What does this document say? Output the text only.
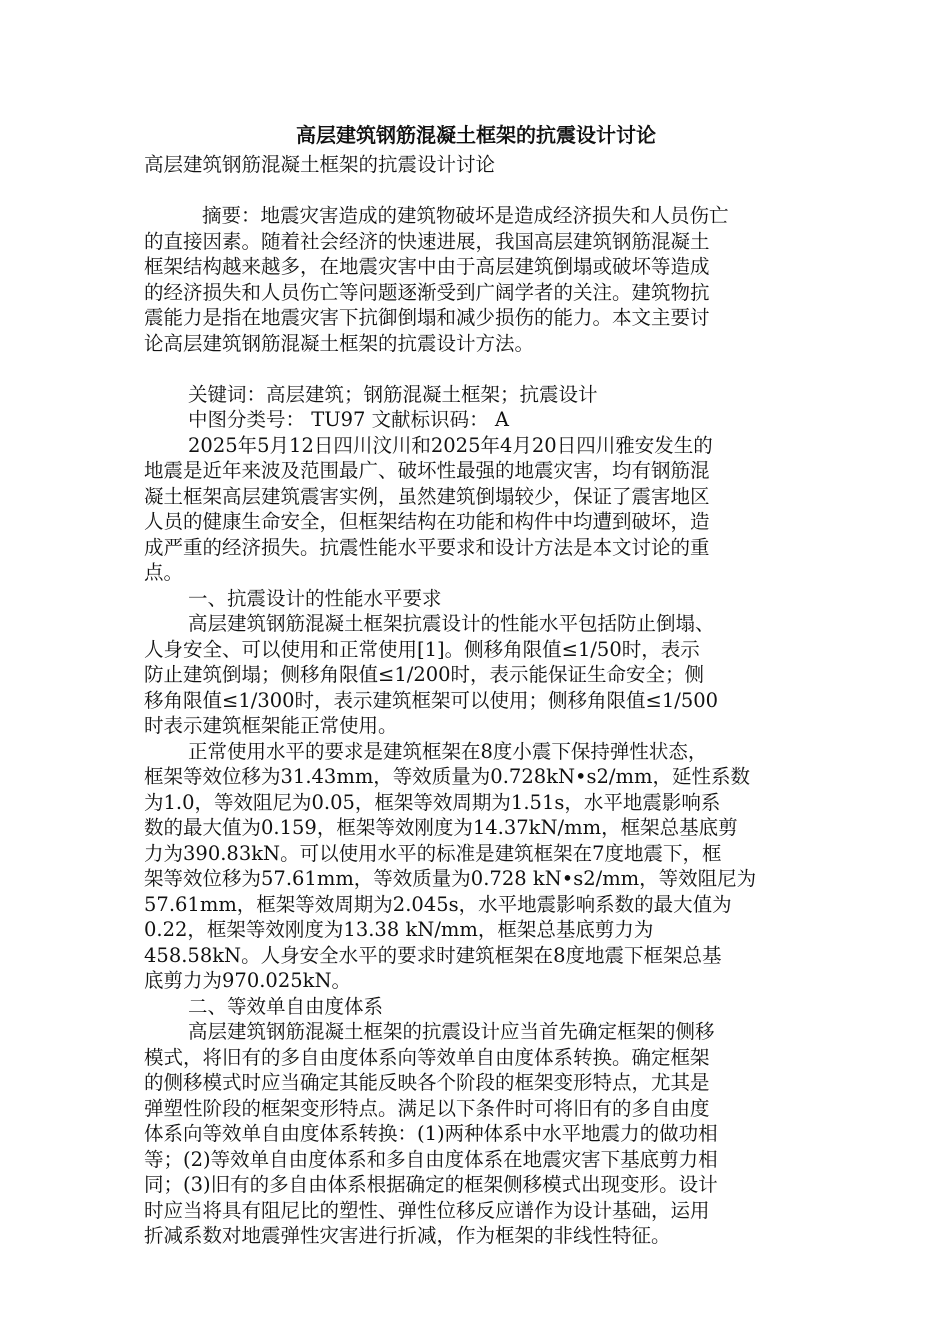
高层建筑钢筋混凝土框架的抗震设计讨论

高层建筑钢筋混凝土框架的抗震设计讨论

摘要：地震灾害造成的建筑物破坏是造成经济损失和人员伤亡

的直接因素。随着社会经济的快速进展，我国高层建筑钢筋混凝土

框架结构越来越多，在地震灾害中由于高层建筑倒塌或破坏等造成

的经济损失和人员伤亡等问题逐渐受到广阔学者的关注。建筑物抗

震能力是指在地震灾害下抗御倒塌和减少损伤的能力。本文主要讨

论高层建筑钢筋混凝土框架的抗震设计方法。

关键词：高层建筑；钢筋混凝土框架；抗震设计

中图分类号： TU97 文献标识码： A

2025年5月12日四川汶川和2025年4月20日四川雅安发生的

地震是近年来波及范围最广、破坏性最强的地震灾害，均有钢筋混

凝土框架高层建筑震害实例，虽然建筑倒塌较少，保证了震害地区

人员的健康生命安全，但框架结构在功能和构件中均遭到破坏，造

成严重的经济损失。抗震性能水平要求和设计方法是本文讨论的重

点。

一、抗震设计的性能水平要求

高层建筑钢筋混凝土框架抗震设计的性能水平包括防止倒塌、

人身安全、可以使用和正常使用[1]。侧移角限值≤1/50时，表示

防止建筑倒塌；侧移角限值≤1/200时，表示能保证生命安全；侧

移角限值≤1/300时，表示建筑框架可以使用；侧移角限值≤1/500

时表示建筑框架能正常使用。

正常使用水平的要求是建筑框架在8度小震下保持弹性状态，

框架等效位移为31.43mm，等效质量为0.728kN•s2/mm，延性系数

为1.0，等效阻尼为0.05，框架等效周期为1.51s，水平地震影响系

数的最大值为0.159，框架等效刚度为14.37kN/mm，框架总基底剪

力为390.83kN。可以使用水平的标准是建筑框架在7度地震下，框

架等效位移为57.61mm，等效质量为0.728 kN•s2/mm，等效阻尼为

57.61mm，框架等效周期为2.045s，水平地震影响系数的最大值为

0.22，框架等效刚度为13.38 kN/mm，框架总基底剪力为

458.58kN。人身安全水平的要求时建筑框架在8度地震下框架总基

底剪力为970.025kN。

二、等效单自由度体系

高层建筑钢筋混凝土框架的抗震设计应当首先确定框架的侧移

模式，将旧有的多自由度体系向等效单自由度体系转换。确定框架

的侧移模式时应当确定其能反映各个阶段的框架变形特点，尤其是

弹塑性阶段的框架变形特点。满足以下条件时可将旧有的多自由度

体系向等效单自由度体系转换：(1)两种体系中水平地震力的做功相

等；(2)等效单自由度体系和多自由度体系在地震灾害下基底剪力相

同；(3)旧有的多自由体系根据确定的框架侧移模式出现变形。设计

时应当将具有阻尼比的塑性、弹性位移反应谱作为设计基础，运用

折减系数对地震弹性灾害进行折减，作为框架的非线性特征。
